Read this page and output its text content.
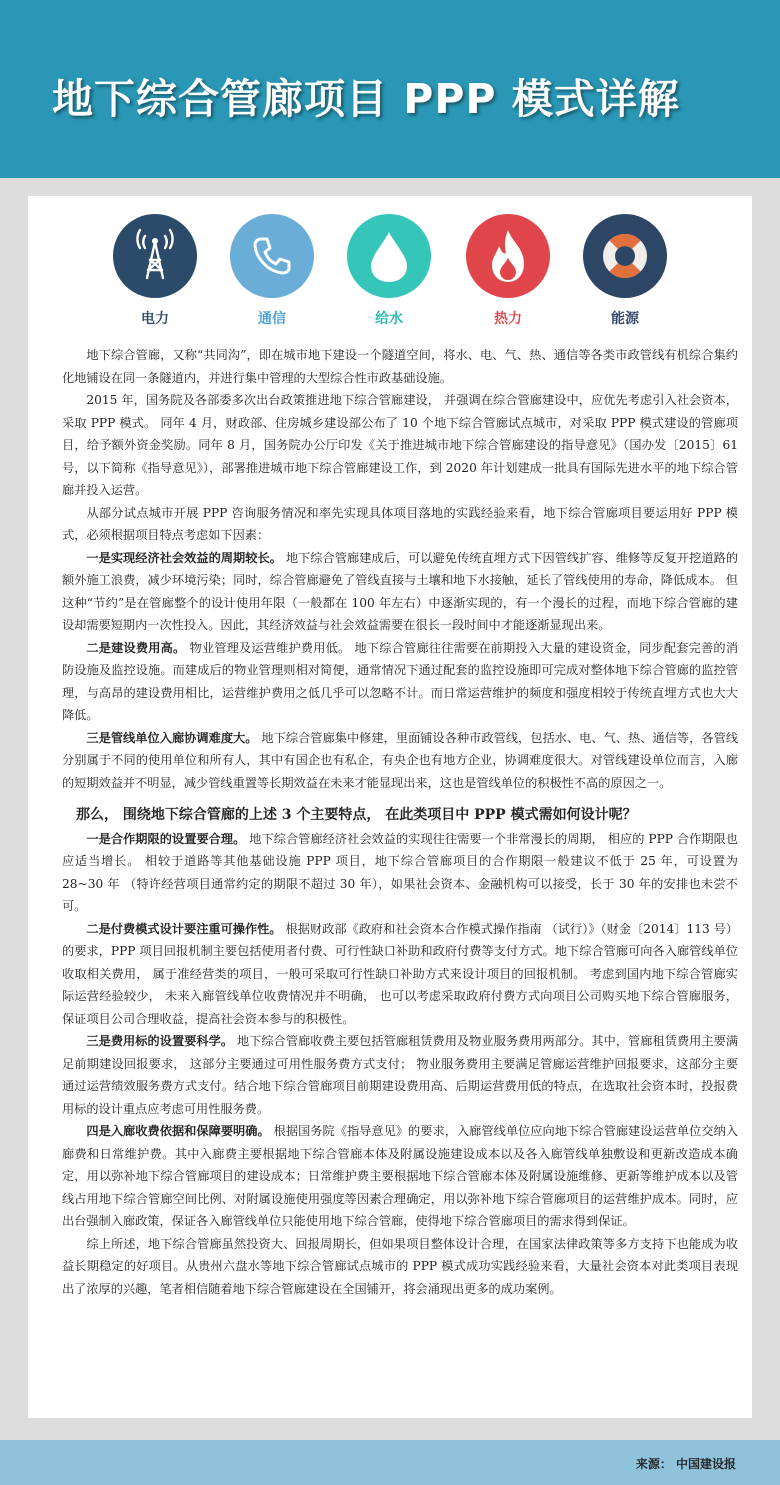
地下综合管廊项目 PPP 模式详解
电力	通信	给水	热力	能源

地下综合管廊，又称“共同沟”，即在城市地下建设一个隧道空间，将水、电、气、热、通信等各类市政管线有机综合集约化地铺设在同一条隧道内，并进行集中管理的大型综合性市政基础设施。

2015 年，国务院及各部委多次出台政策推进地下综合管廊建设， 并强调在综合管廊建设中，应优先考虑引入社会资本，采取 PPP 模式。 同年 4 月，财政部、住房城乡建设部公布了 10 个地下综合管廊试点城市，对采取 PPP 模式建设的管廊项目，给予额外资金奖励。同年 8 月，国务院办公厅印发《关于推进城市地下综合管廊建设的指导意见》（国办发〔2015〕61 号，以下简称《指导意见》），部署推进城市地下综合管廊建设工作，到 2020 年计划建成一批具有国际先进水平的地下综合管廊并投入运营。

从部分试点城市开展 PPP 咨询服务情况和率先实现具体项目落地的实践经验来看，地下综合管廊项目要运用好 PPP 模式，必须根据项目特点考虑如下因素：

一是实现经济社会效益的周期较长。 地下综合管廊建成后，可以避免传统直埋方式下因管线扩容、维修等反复开挖道路的额外施工浪费，减少环境污染；同时，综合管廊避免了管线直接与土壤和地下水接触，延长了管线使用的寿命，降低成本。 但这种“节约”是在管廊整个的设计使用年限（一般都在 100 年左右）中逐渐实现的，有一个漫长的过程，而地下综合管廊的建设却需要短期内一次性投入。因此，其经济效益与社会效益需要在很长一段时间中才能逐渐显现出来。

二是建设费用高。 物业管理及运营维护费用低。 地下综合管廊往往需要在前期投入大量的建设资金，同步配套完善的消防设施及监控设施。而建成后的物业管理则相对简便，通常情况下通过配套的监控设施即可完成对整体地下综合管廊的监控管理，与高昂的建设费用相比，运营维护费用之低几乎可以忽略不计。而日常运营维护的频度和强度相较于传统直埋方式也大大降低。

三是管线单位入廊协调难度大。 地下综合管廊集中修建，里面铺设各种市政管线，包括水、电、气、热、通信等，各管线分别属于不同的使用单位和所有人，其中有国企也有私企，有央企也有地方企业，协调难度很大。对管线建设单位而言，入廊的短期效益并不明显，减少管线重置等长期效益在未来才能显现出来，这也是管线单位的积极性不高的原因之一。

那么， 围绕地下综合管廊的上述 3 个主要特点， 在此类项目中 PPP 模式需如何设计呢？

一是合作期限的设置要合理。 地下综合管廊经济社会效益的实现往往需要一个非常漫长的周期， 相应的 PPP 合作期限也应适当增长。 相较于道路等其他基础设施 PPP 项目，地下综合管廊项目的合作期限一般建议不低于 25 年，可设置为 28~30 年 （特许经营项目通常约定的期限不超过 30 年），如果社会资本、金融机构可以接受，长于 30 年的安排也未尝不可。

二是付费模式设计要注重可操作性。 根据财政部《政府和社会资本合作模式操作指南 （试行）》（财金〔2014〕113 号）的要求，PPP 项目回报机制主要包括使用者付费、可行性缺口补助和政府付费等支付方式。地下综合管廊可向各入廊管线单位收取相关费用， 属于准经营类的项目，一般可采取可行性缺口补助方式来设计项目的回报机制。 考虑到国内地下综合管廊实际运营经验较少， 未来入廊管线单位收费情况并不明确， 也可以考虑采取政府付费方式向项目公司购买地下综合管廊服务，保证项目公司合理收益，提高社会资本参与的积极性。

三是费用标的设置要科学。 地下综合管廊收费主要包括管廊租赁费用及物业服务费用两部分。其中，管廊租赁费用主要满足前期建设回报要求， 这部分主要通过可用性服务费方式支付； 物业服务费用主要满足管廊运营维护回报要求，这部分主要通过运营绩效服务费方式支付。结合地下综合管廊项目前期建设费用高、后期运营费用低的特点，在选取社会资本时，投报费用标的设计重点应考虑可用性服务费。

四是入廊收费依据和保障要明确。 根据国务院《指导意见》的要求，入廊管线单位应向地下综合管廊建设运营单位交纳入廊费和日常维护费。其中入廊费主要根据地下综合管廊本体及附属设施建设成本以及各入廊管线单独敷设和更新改造成本确定，用以弥补地下综合管廊项目的建设成本；日常维护费主要根据地下综合管廊本体及附属设施维修、更新等维护成本以及管线占用地下综合管廊空间比例、对附属设施使用强度等因素合理确定，用以弥补地下综合管廊项目的运营维护成本。同时，应出台强制入廊政策，保证各入廊管线单位只能使用地下综合管廊，使得地下综合管廊项目的需求得到保证。

综上所述，地下综合管廊虽然投资大、回报周期长，但如果项目整体设计合理，在国家法律政策等多方支持下也能成为收益长期稳定的好项目。从贵州六盘水等地下综合管廊试点城市的 PPP 模式成功实践经验来看，大量社会资本对此类项目表现出了浓厚的兴趣，笔者相信随着地下综合管廊建设在全国铺开，将会涌现出更多的成功案例。

来源： 中国建设报
